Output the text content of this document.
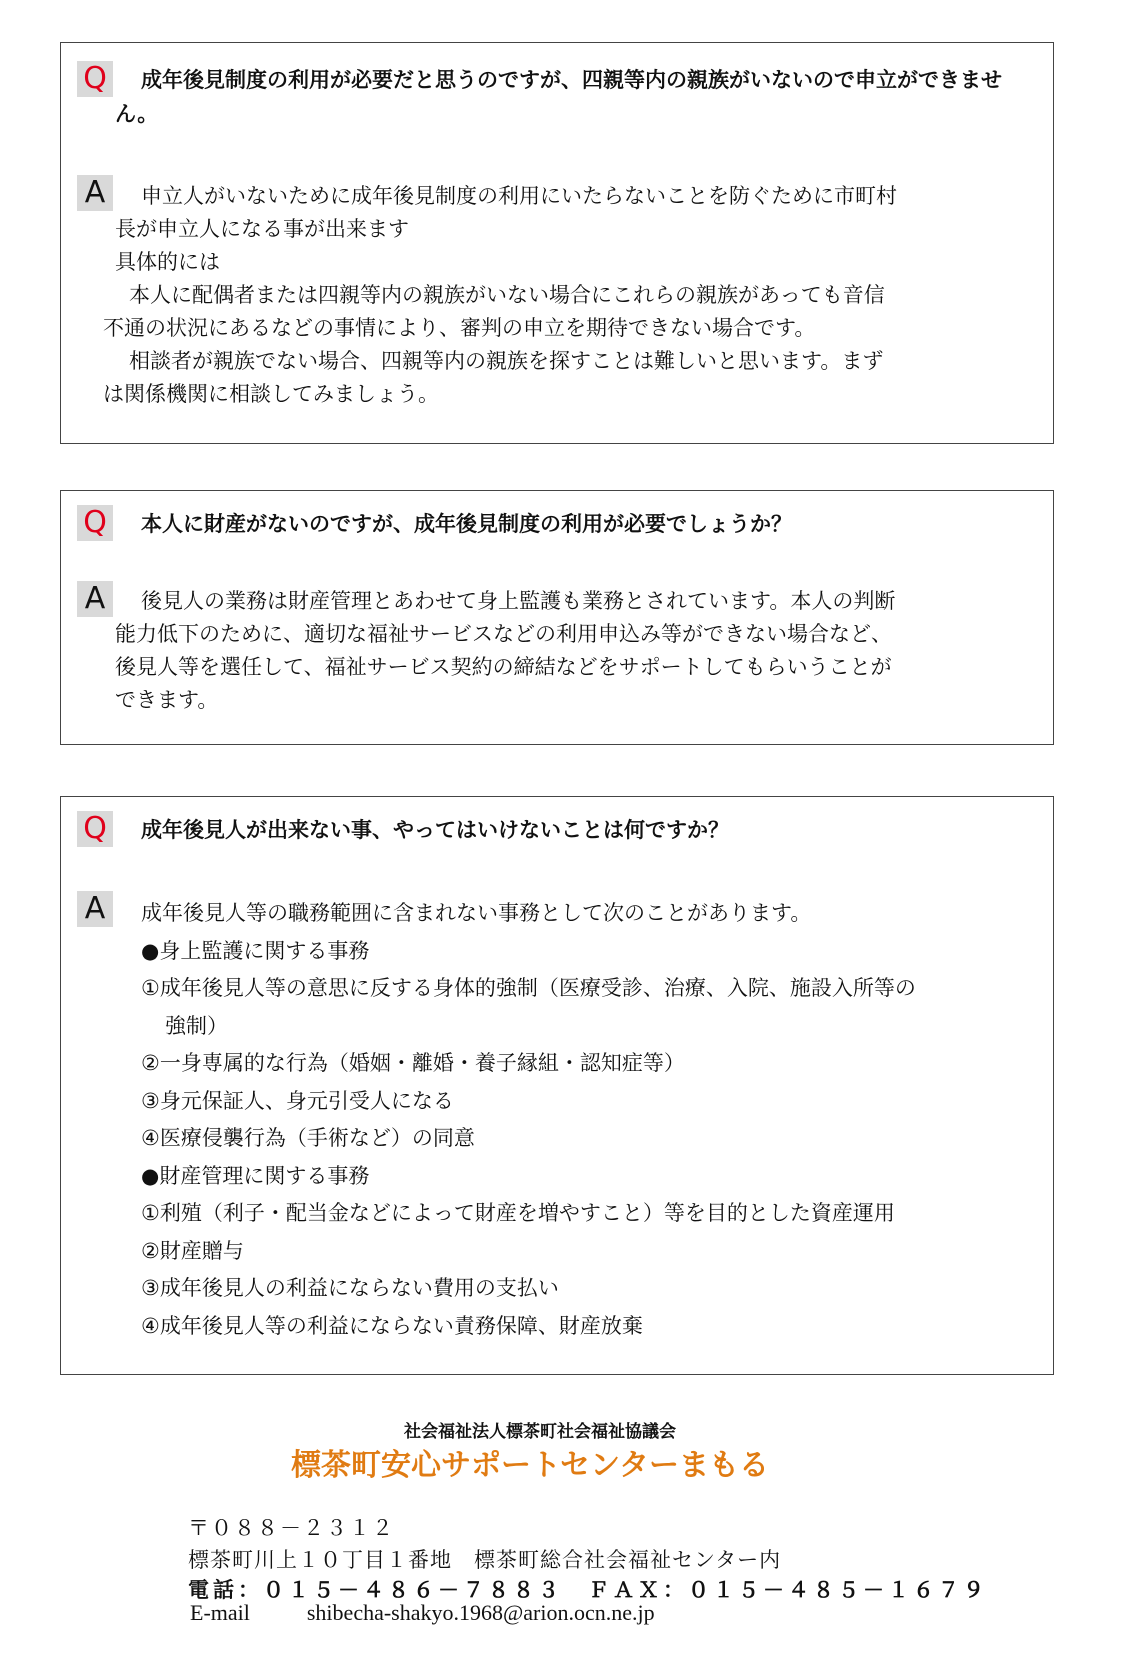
Q	成年後見制度の利用が必要だと思うのですが、四親等内の親族がいないので申立ができません。
A	申立人がいないために成年後見制度の利用にいたらないことを防ぐために市町村
長が申立人になる事が出来ます
具体的には
本人に配偶者または四親等内の親族がいない場合にこれらの親族があっても音信
不通の状況にあるなどの事情により、審判の申立を期待できない場合です。
相談者が親族でない場合、四親等内の親族を探すことは難しいと思います。まず
は関係機関に相談してみましょう。
Q	本人に財産がないのですが、成年後見制度の利用が必要でしょうか？
A	後見人の業務は財産管理とあわせて身上監護も業務とされています。本人の判断
能力低下のために、適切な福祉サービスなどの利用申込み等ができない場合など、
後見人等を選任して、福祉サービス契約の締結などをサポートしてもらいうことが
できます。
Q	成年後見人が出来ない事、やってはいけないことは何ですか？
A	成年後見人等の職務範囲に含まれない事務として次のことがあります。
●身上監護に関する事務
①成年後見人等の意思に反する身体的強制（医療受診、治療、入院、施設入所等の
強制）
②一身専属的な行為（婚姻・離婚・養子縁組・認知症等）
③身元保証人、身元引受人になる
④医療侵襲行為（手術など）の同意
●財産管理に関する事務
①利殖（利子・配当金などによって財産を増やすこと）等を目的とした資産運用
②財産贈与
③成年後見人の利益にならない費用の支払い
④成年後見人等の利益にならない責務保障、財産放棄
社会福祉法人標茶町社会福祉協議会
標茶町安心サポートセンターまもる
〒０８８－２３１２
標茶町川上１０丁目１番地　標茶町総合社会福祉センター内
電話：０１５－４８６－７８８３　ＦＡＸ：０１５－４８５－１６７９
E-mail	shibecha-shakyo.1968@arion.ocn.ne.jp
